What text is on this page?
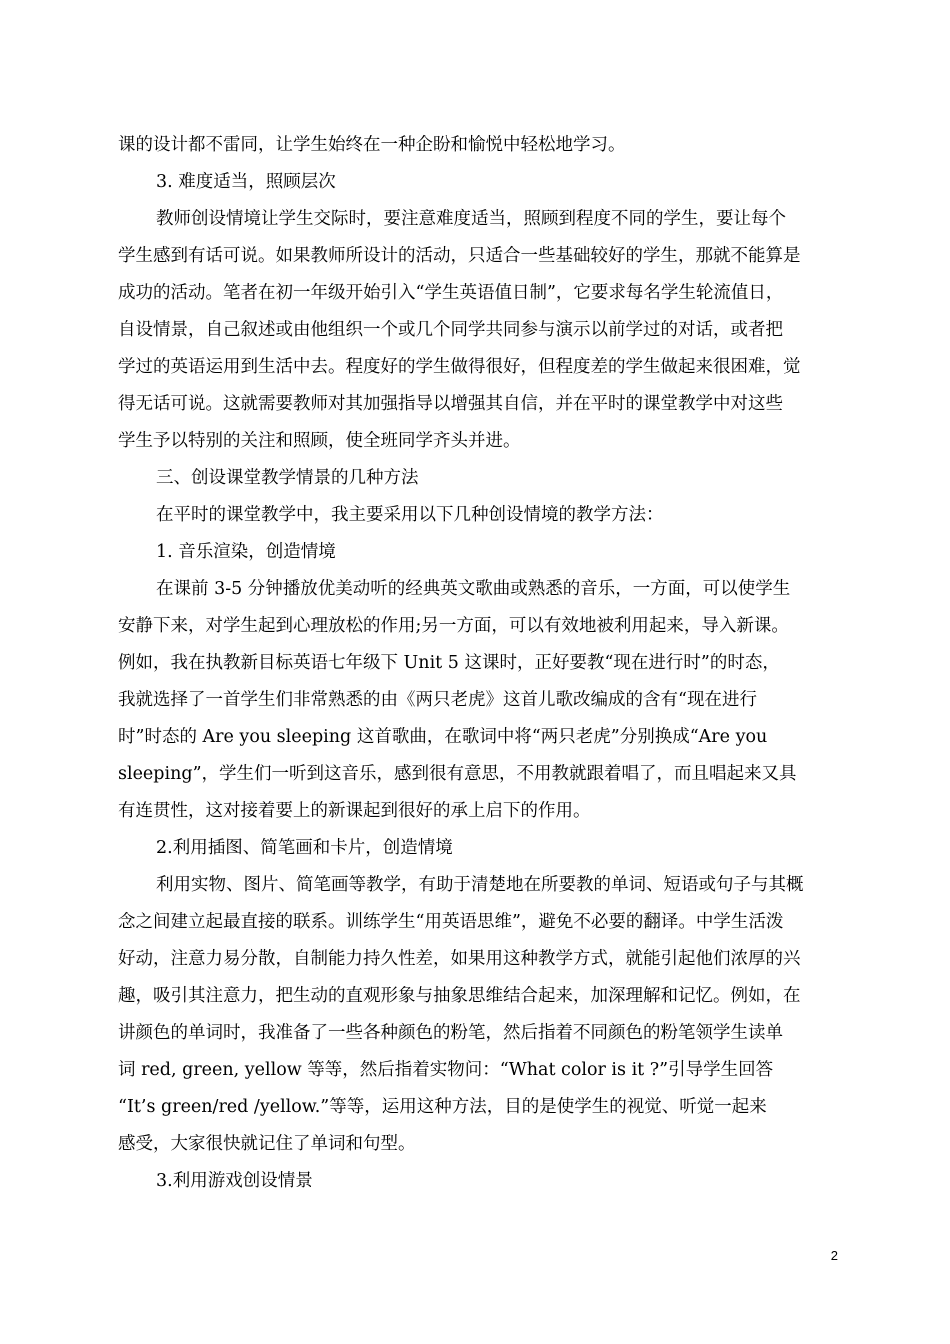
课的设计都不雷同，让学生始终在一种企盼和愉悦中轻松地学习。
3. 难度适当，照顾层次
教师创设情境让学生交际时，要注意难度适当，照顾到程度不同的学生，要让每个
学生感到有话可说。如果教师所设计的活动，只适合一些基础较好的学生，那就不能算是
成功的活动。笔者在初一年级开始引入“学生英语值日制”，它要求每名学生轮流值日，
自设情景，自己叙述或由他组织一个或几个同学共同参与演示以前学过的对话，或者把
学过的英语运用到生活中去。程度好的学生做得很好，但程度差的学生做起来很困难，觉
得无话可说。这就需要教师对其加强指导以增强其自信，并在平时的课堂教学中对这些
学生予以特别的关注和照顾，使全班同学齐头并进。
三、创设课堂教学情景的几种方法
在平时的课堂教学中，我主要采用以下几种创设情境的教学方法：
1. 音乐渲染，创造情境
在课前 3-5 分钟播放优美动听的经典英文歌曲或熟悉的音乐，一方面，可以使学生
安静下来，对学生起到心理放松的作用;另一方面，可以有效地被利用起来，导入新课。
例如，我在执教新目标英语七年级下 Unit 5 这课时，正好要教“现在进行时”的时态，
我就选择了一首学生们非常熟悉的由《两只老虎》这首儿歌改编成的含有“现在进行
时”时态的 Are you sleeping 这首歌曲，在歌词中将“两只老虎”分别换成“Are you
sleeping”，学生们一听到这音乐，感到很有意思，不用教就跟着唱了，而且唱起来又具
有连贯性，这对接着要上的新课起到很好的承上启下的作用。
2.利用插图、简笔画和卡片，创造情境
利用实物、图片、简笔画等教学，有助于清楚地在所要教的单词、短语或句子与其概
念之间建立起最直接的联系。训练学生“用英语思维”，避免不必要的翻译。中学生活泼
好动，注意力易分散，自制能力持久性差，如果用这种教学方式，就能引起他们浓厚的兴
趣，吸引其注意力，把生动的直观形象与抽象思维结合起来，加深理解和记忆。例如，在
讲颜色的单词时，我准备了一些各种颜色的粉笔，然后指着不同颜色的粉笔领学生读单
词 red, green, yellow 等等，然后指着实物问：“What color is it ?”引导学生回答
“It’s green/red /yellow.”等等，运用这种方法，目的是使学生的视觉、听觉一起来
感受，大家很快就记住了单词和句型。
3.利用游戏创设情景
2
